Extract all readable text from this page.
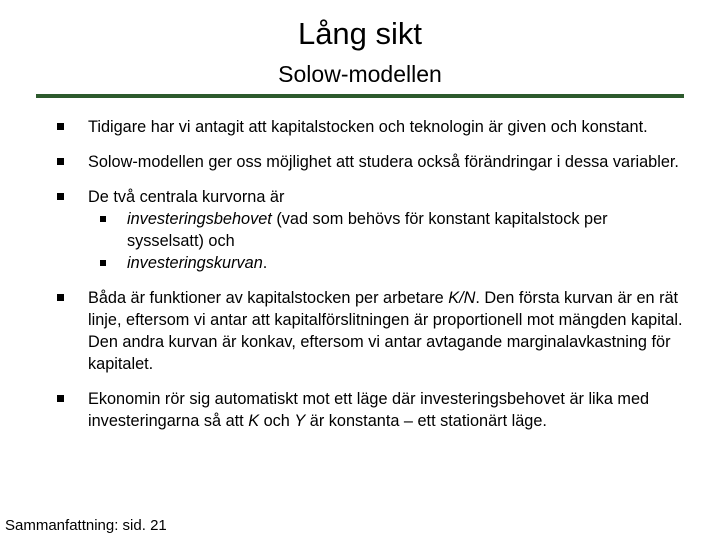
Lång sikt
Solow-modellen
Tidigare har vi antagit att kapitalstocken och teknologin är given och konstant.
Solow-modellen ger oss möjlighet att studera också förändringar i dessa variabler.
De två centrala kurvorna är
investeringsbehovet (vad som behövs för konstant kapitalstock per sysselsatt) och
investeringskurvan.
Båda är funktioner av kapitalstocken per arbetare K/N. Den första kurvan är en rät linje, eftersom vi antar att kapitalförslitningen är proportionell mot mängden kapital. Den andra kurvan är konkav, eftersom vi antar avtagande marginalavkastning för kapitalet.
Ekonomin rör sig automatiskt mot ett läge där investeringsbehovet är lika med investeringarna så att K och Y är konstanta – ett stationärt läge.
Sammanfattning: sid. 21
